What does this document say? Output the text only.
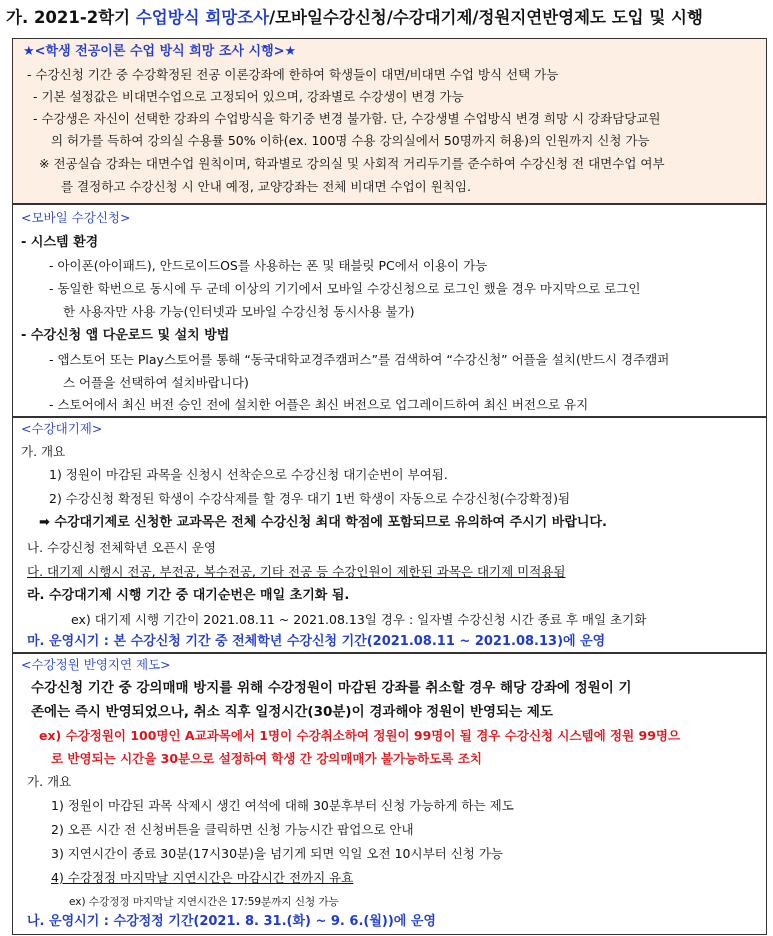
가. 2021-2학기 수업방식 희망조사/모바일수강신청/수강대기제/정원지연반영제도 도입 및 시행
★<학생 전공이론 수업 방식 희망 조사 시행>★
- 수강신청 기간 중 수강확정된 전공 이론강좌에 한하여 학생들이 대면/비대면 수업 방식 선택 가능
- 기본 설정값은 비대면수업으로 고정되어 있으며, 강좌별로 수강생이 변경 가능
- 수강생은 자신이 선택한 강좌의 수업방식을 학기중 변경 불가함. 단, 수강생별 수업방식 변경 희망 시 강좌담당교원
의 허가를 득하여 강의실 수용률 50% 이하(ex. 100명 수용 강의실에서 50명까지 허용)의 인원까지 신청 가능
※ 전공실습 강좌는 대면수업 원칙이며, 학과별로 강의실 및 사회적 거리두기를 준수하여 수강신청 전 대면수업 여부
를 결정하고 수강신청 시 안내 예정, 교양강좌는 전체 비대면 수업이 원칙임.
<모바일 수강신청>
- 시스템 환경
- 아이폰(아이패드), 안드로이드OS를 사용하는 폰 및 태블릿 PC에서 이용이 가능
- 동일한 학번으로 동시에 두 군데 이상의 기기에서 모바일 수강신청으로 로그인 했을 경우 마지막으로 로그인
한 사용자만 사용 가능(인터넷과 모바일 수강신청 동시사용 불가)
- 수강신청 앱 다운로드 및 설치 방법
- 앱스토어 또는 Play스토어를 통해 “동국대학교경주캠퍼스”를 검색하여 “수강신청” 어플을 설치(반드시 경주캠퍼
스 어플을 선택하여 설치바랍니다)
- 스토어에서 최신 버전 승인 전에 설치한 어플은 최신 버전으로 업그레이드하여 최신 버전으로 유지
<수강대기제>
가. 개요
1) 정원이 마감된 과목을 신청시 선착순으로 수강신청 대기순번이 부여됨.
2) 수강신청 확정된 학생이 수강삭제를 할 경우 대기 1번 학생이 자동으로 수강신청(수강확정)됨
➡ 수강대기제로 신청한 교과목은 전체 수강신청 최대 학점에 포함되므로 유의하여 주시기 바랍니다.
나. 수강신청 전체학년 오픈시 운영
다. 대기제 시행시 전공, 부전공, 복수전공, 기타 전공 등 수강인원이 제한된 과목은 대기제 미적용됨
라. 수강대기제 시행 기간 중 대기순번은 매일 초기화 됨.
ex) 대기제 시행 기간이 2021.08.11 ~ 2021.08.13일 경우 : 일자별 수강신청 시간 종료 후 매일 초기화
마. 운영시기 : 본 수강신청 기간 중 전체학년 수강신청 기간(2021.08.11 ~ 2021.08.13)에 운영
<수강정원 반영지연 제도>
수강신청 기간 중 강의매매 방지를 위해 수강정원이 마감된 강좌를 취소할 경우 해당 강좌에 정원이 기
존에는 즉시 반영되었으나, 취소 직후 일정시간(30분)이 경과해야 정원이 반영되는 제도
ex) 수강정원이 100명인 A교과목에서 1명이 수강취소하여 정원이 99명이 될 경우 수강신청 시스템에 정원 99명으
로 반영되는 시간을 30분으로 설정하여 학생 간 강의매매가 불가능하도록 조치
가. 개요
1) 정원이 마감된 과목 삭제시 생긴 여석에 대해 30분후부터 신청 가능하게 하는 제도
2) 오픈 시간 전 신청버튼을 클릭하면 신청 가능시간 팝업으로 안내
3) 지연시간이 종료 30분(17시30분)을 넘기게 되면 익일 오전 10시부터 신청 가능
4) 수강정정 마지막날 지연시간은 마감시간 전까지 유효
ex) 수강정정 마지막날 지연시간은 17:59분까지 신청 가능
나. 운영시기 : 수강정정 기간(2021. 8. 31.(화) ~ 9. 6.(월))에 운영
